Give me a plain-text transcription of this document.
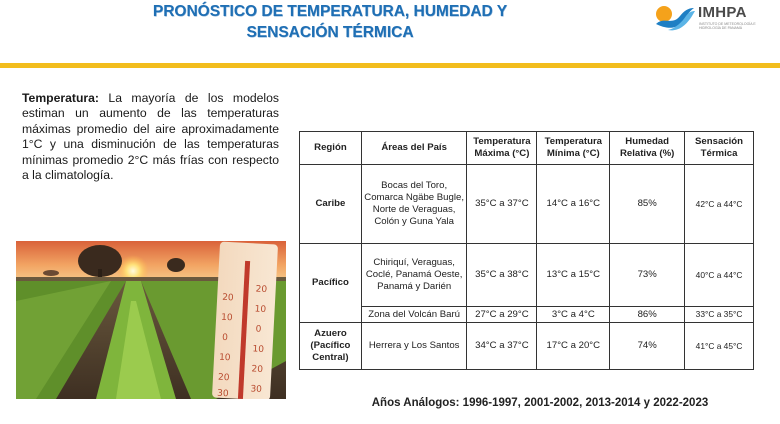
PRONÓSTICO DE TEMPERATURA, HUMEDAD Y
SENSACIÓN TÉRMICA
IMHPA
INSTITUTO DE METEOROLOGÍA E HIDROLOGÍA DE PANAMÁ

Temperatura: La mayoría de los modelos estiman un aumento de las temperaturas máximas promedio del aire aproximadamente 1°C y una disminución de las temperaturas mínimas promedio 2°C más frías con respecto a la climatología.

20
10
0
10
20
30
20
10
0
10
20
30
Región	Áreas del País	Temperatura Máxima (°C)	Temperatura Mínima (°C)	Humedad Relativa (%)	Sensación Térmica
Caribe	Bocas del Toro, Comarca Ngäbe Bugle, Norte de Veraguas, Colón y Guna Yala	35°C a 37°C	14°C a 16°C	85%	42°C a 44°C
Pacífico	Chiriquí, Veraguas, Coclé, Panamá Oeste, Panamá y Darién	35°C a 38°C	13°C a 15°C	73%	40°C a 44°C
	Zona del Volcán Barú	27°C a 29°C	3°C a 4°C	86%	33°C a 35°C
Azuero (Pacífico Central)	Herrera y Los Santos	34°C a 37°C	17°C a 20°C	74%	41°C a 45°C
Años Análogos: 1996-1997, 2001-2002, 2013-2014 y 2022-2023
